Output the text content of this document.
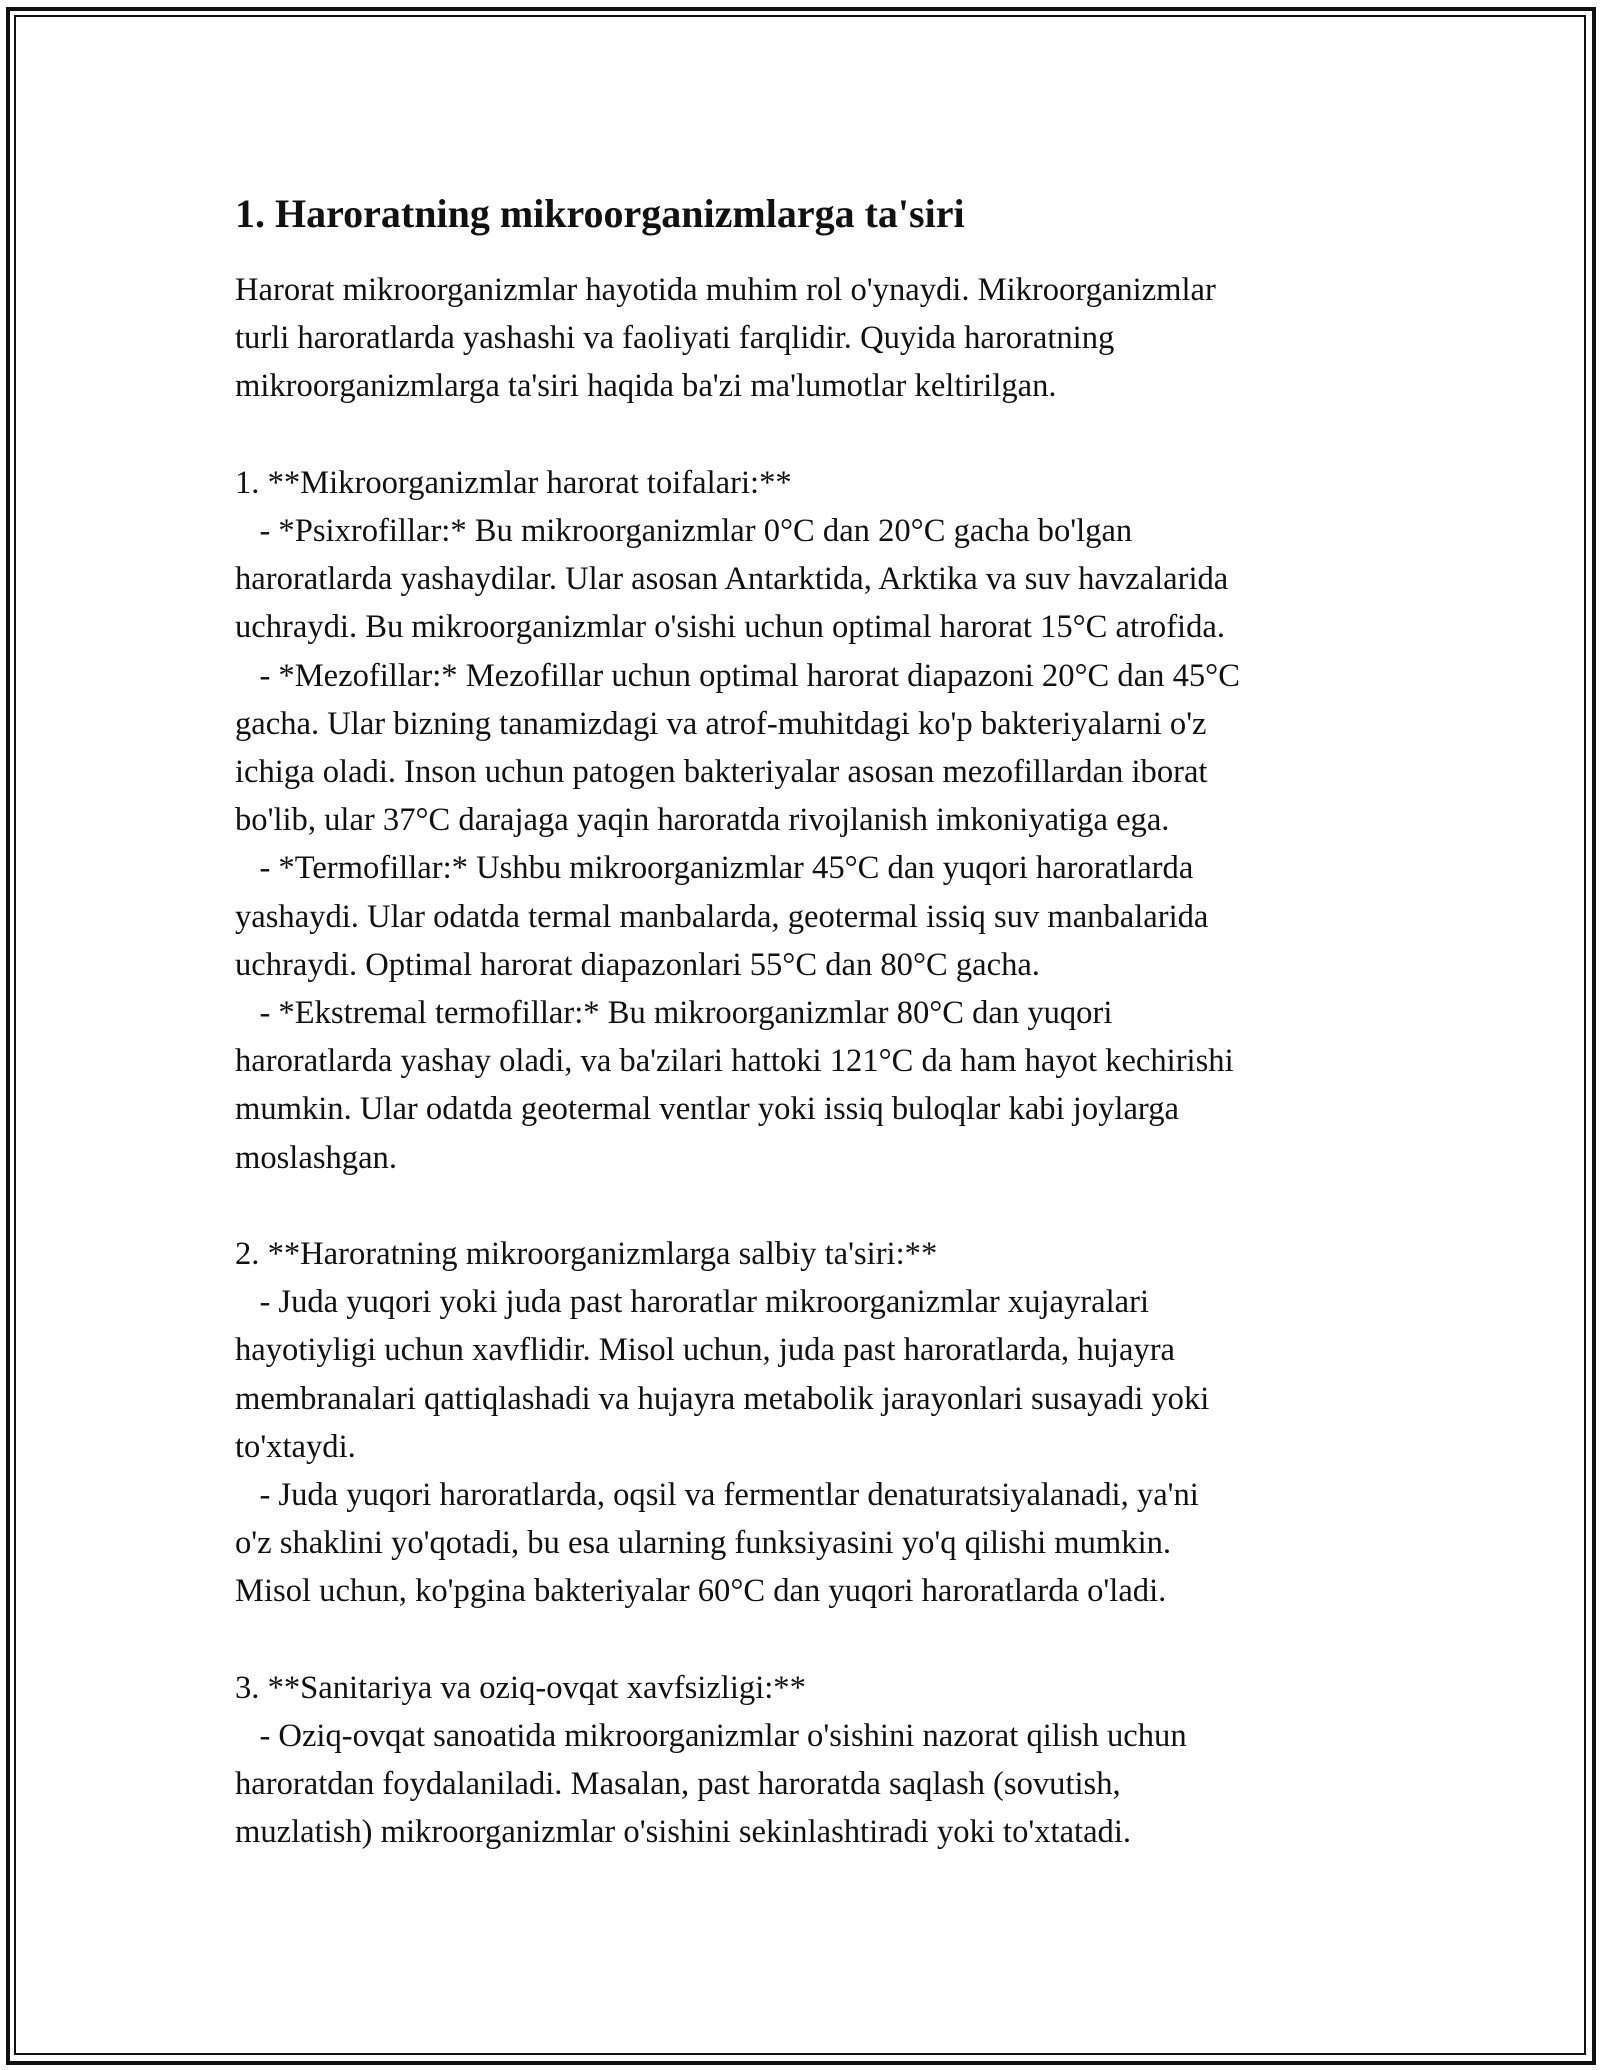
1. Haroratning mikroorganizmlarga ta'siri

Harorat mikroorganizmlar hayotida muhim rol o'ynaydi. Mikroorganizmlar
turli haroratlarda yashashi va faoliyati farqlidir. Quyida haroratning
mikroorganizmlarga ta'siri haqida ba'zi ma'lumotlar keltirilgan.

1. **Mikroorganizmlar harorat toifalari:**
- *Psixrofillar:* Bu mikroorganizmlar 0°C dan 20°C gacha bo'lgan
haroratlarda yashaydilar. Ular asosan Antarktida, Arktika va suv havzalarida
uchraydi. Bu mikroorganizmlar o'sishi uchun optimal harorat 15°C atrofida.
- *Mezofillar:* Mezofillar uchun optimal harorat diapazoni 20°C dan 45°C
gacha. Ular bizning tanamizdagi va atrof-muhitdagi ko'p bakteriyalarni o'z
ichiga oladi. Inson uchun patogen bakteriyalar asosan mezofillardan iborat
bo'lib, ular 37°C darajaga yaqin haroratda rivojlanish imkoniyatiga ega.
- *Termofillar:* Ushbu mikroorganizmlar 45°C dan yuqori haroratlarda
yashaydi. Ular odatda termal manbalarda, geotermal issiq suv manbalarida
uchraydi. Optimal harorat diapazonlari 55°C dan 80°C gacha.
- *Ekstremal termofillar:* Bu mikroorganizmlar 80°C dan yuqori
haroratlarda yashay oladi, va ba'zilari hattoki 121°C da ham hayot kechirishi
mumkin. Ular odatda geotermal ventlar yoki issiq buloqlar kabi joylarga
moslashgan.

2. **Haroratning mikroorganizmlarga salbiy ta'siri:**
- Juda yuqori yoki juda past haroratlar mikroorganizmlar xujayralari
hayotiyligi uchun xavflidir. Misol uchun, juda past haroratlarda, hujayra
membranalari qattiqlashadi va hujayra metabolik jarayonlari susayadi yoki
to'xtaydi.
- Juda yuqori haroratlarda, oqsil va fermentlar denaturatsiyalanadi, ya'ni
o'z shaklini yo'qotadi, bu esa ularning funksiyasini yo'q qilishi mumkin.
Misol uchun, ko'pgina bakteriyalar 60°C dan yuqori haroratlarda o'ladi.

3. **Sanitariya va oziq-ovqat xavfsizligi:**
- Oziq-ovqat sanoatida mikroorganizmlar o'sishini nazorat qilish uchun
haroratdan foydalaniladi. Masalan, past haroratda saqlash (sovutish,
muzlatish) mikroorganizmlar o'sishini sekinlashtiradi yoki to'xtatadi.
